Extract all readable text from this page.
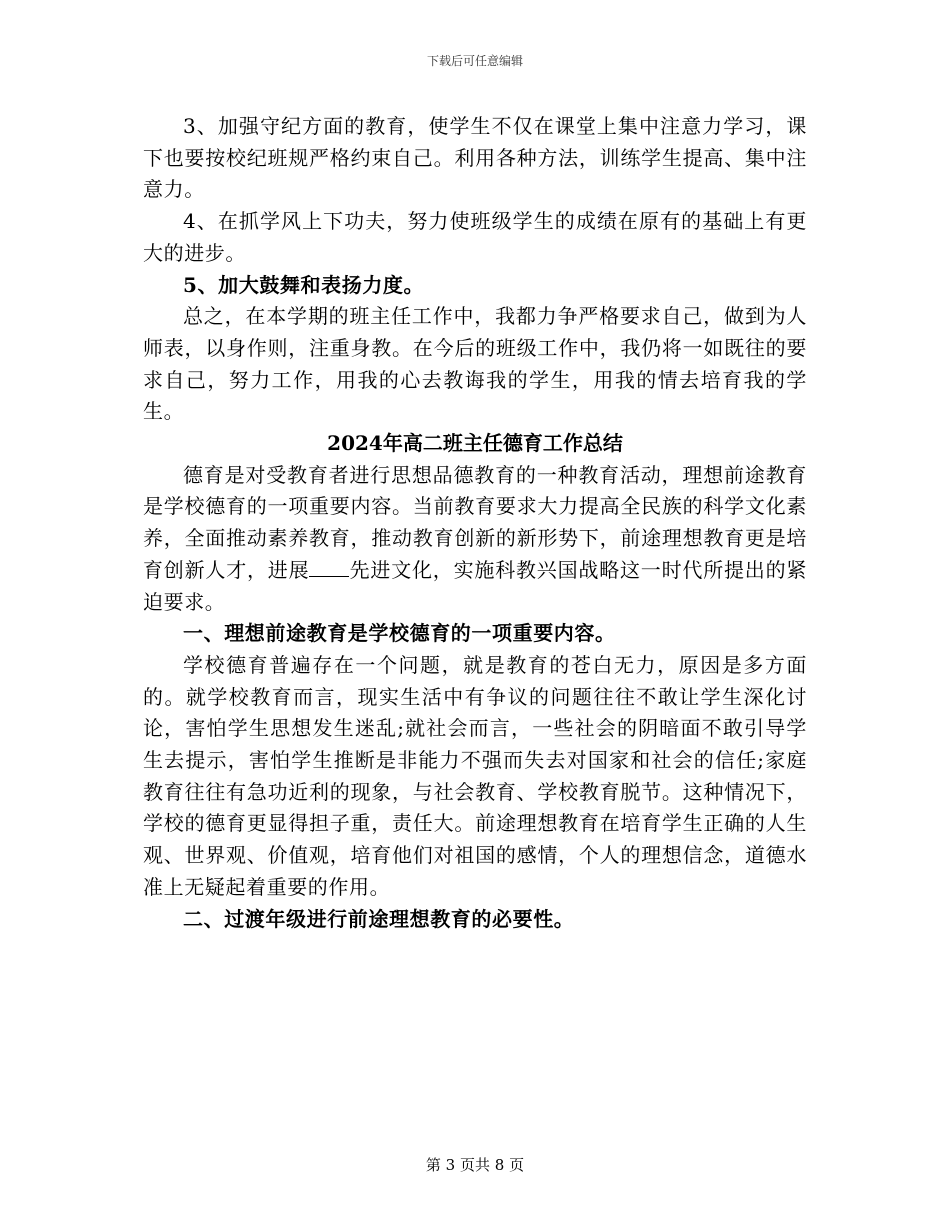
下载后可任意编辑

3、加强守纪方面的教育，使学生不仅在课堂上集中注意力学习，课下也要按校纪班规严格约束自己。利用各种方法，训练学生提高、集中注意力。

4、在抓学风上下功夫，努力使班级学生的成绩在原有的基础上有更大的进步。

5、加大鼓舞和表扬力度。

总之，在本学期的班主任工作中，我都力争严格要求自己，做到为人师表，以身作则，注重身教。在今后的班级工作中，我仍将一如既往的要求自己，努力工作，用我的心去教诲我的学生，用我的情去培育我的学生。

2024年高二班主任德育工作总结

德育是对受教育者进行思想品德教育的一种教育活动，理想前途教育是学校德育的一项重要内容。当前教育要求大力提高全民族的科学文化素养，全面推动素养教育，推动教育创新的新形势下，前途理想教育更是培育创新人才，进展 先进文化，实施科教兴国战略这一时代所提出的紧迫要求。

一、理想前途教育是学校德育的一项重要内容。

学校德育普遍存在一个问题，就是教育的苍白无力，原因是多方面的。就学校教育而言，现实生活中有争议的问题往往不敢让学生深化讨论，害怕学生思想发生迷乱;就社会而言，一些社会的阴暗面不敢引导学生去提示，害怕学生推断是非能力不强而失去对国家和社会的信任;家庭教育往往有急功近利的现象，与社会教育、学校教育脱节。这种情况下，学校的德育更显得担子重，责任大。前途理想教育在培育学生正确的人生观、世界观、价值观，培育他们对祖国的感情，个人的理想信念，道德水准上无疑起着重要的作用。

二、过渡年级进行前途理想教育的必要性。

第 3 页共 8 页
